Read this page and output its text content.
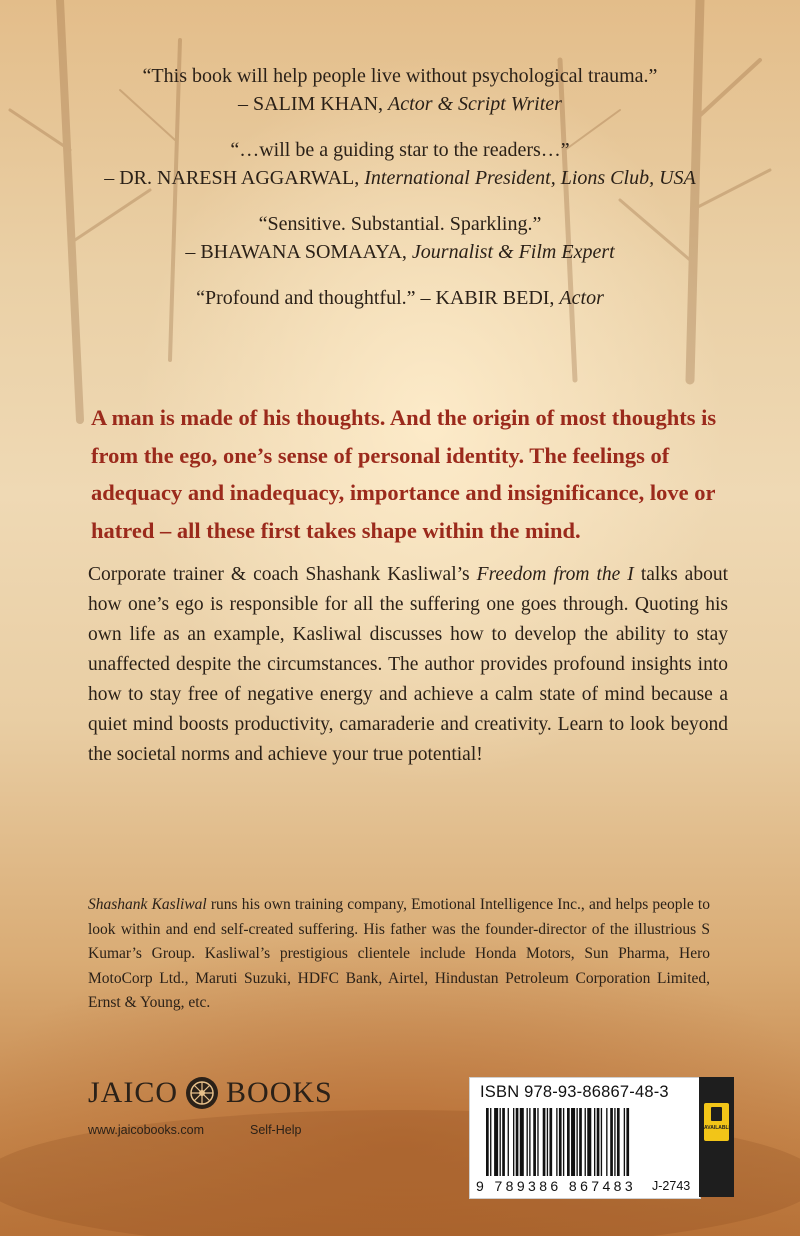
“This book will help people live without psychological trauma.”
– SALIM KHAN, Actor & Script Writer
“…will be a guiding star to the readers…”
– DR. NARESH AGGARWAL, International President, Lions Club, USA
“Sensitive. Substantial. Sparkling.”
– BHAWANA SOMAAYA, Journalist & Film Expert
“Profound and thoughtful.” – KABIR BEDI, Actor
A man is made of his thoughts. And the origin of most thoughts is from the ego, one’s sense of personal identity. The feelings of adequacy and inadequacy, importance and insignificance, love or hatred – all these first takes shape within the mind.
Corporate trainer & coach Shashank Kasliwal’s Freedom from the I talks about how one’s ego is responsible for all the suffering one goes through. Quoting his own life as an example, Kasliwal discusses how to develop the ability to stay unaffected despite the circumstances. The author provides profound insights into how to stay free of negative energy and achieve a calm state of mind because a quiet mind boosts productivity, camaraderie and creativity. Learn to look beyond the societal norms and achieve your true potential!
Shashank Kasliwal runs his own training company, Emotional Intelligence Inc., and helps people to look within and end self-created suffering. His father was the founder-director of the illustrious S Kumar’s Group. Kasliwal’s prestigious clientele include Honda Motors, Sun Pharma, Hero MotoCorp Ltd., Maruti Suzuki, HDFC Bank, Airtel, Hindustan Petroleum Corporation Limited, Ernst & Young, etc.
JAICO BOOKS
www.jaicobooks.com	Self-Help
ISBN 978-93-86867-48-3
9 789386 867483
AVAILABLE
J-2743
